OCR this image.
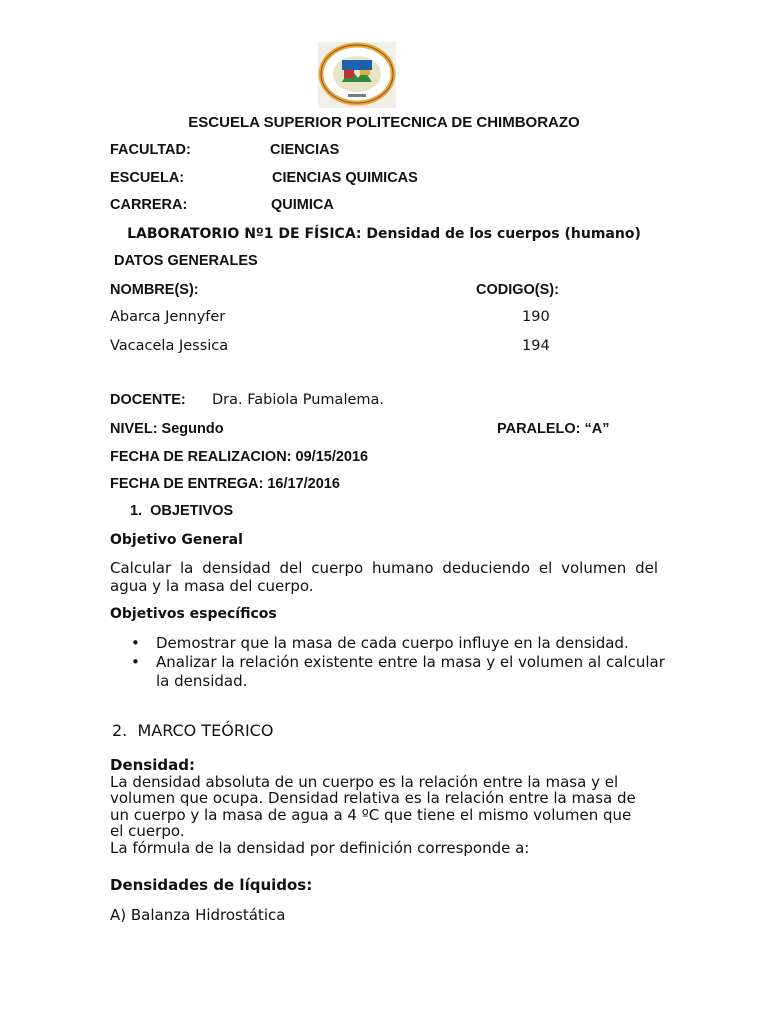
ESCUELA SUPERIOR POLITECNICA DE CHIMBORAZO
FACULTAD:	CIENCIAS
ESCUELA:	CIENCIAS QUIMICAS
CARRERA:	QUIMICA
LABORATORIO Nº1 DE FÍSICA: Densidad de los cuerpos (humano)
DATOS GENERALES
NOMBRE(S):	CODIGO(S):
Abarca Jennyfer	190
Vacacela Jessica	194
DOCENTE: Dra. Fabiola Pumalema.
NIVEL: Segundo	PARALELO: “A”
FECHA DE REALIZACION: 09/15/2016
FECHA DE ENTREGA: 16/17/2016
1.  OBJETIVOS
Objetivo General
Calcular la densidad del cuerpo humano deduciendo el volumen del agua y la masa del cuerpo.
Objetivos específicos
• Demostrar que la masa de cada cuerpo influye en la densidad.
• Analizar la relación existente entre la masa y el volumen al calcular la densidad.
2.  MARCO TEÓRICO
Densidad:
La densidad absoluta de un cuerpo es la relación entre la masa y el
volumen que ocupa. Densidad relativa es la relación entre la masa de
un cuerpo y la masa de agua a 4 ºC que tiene el mismo volumen que
el cuerpo.
La fórmula de la densidad por definición corresponde a:
Densidades de líquidos:
A) Balanza Hidrostática
